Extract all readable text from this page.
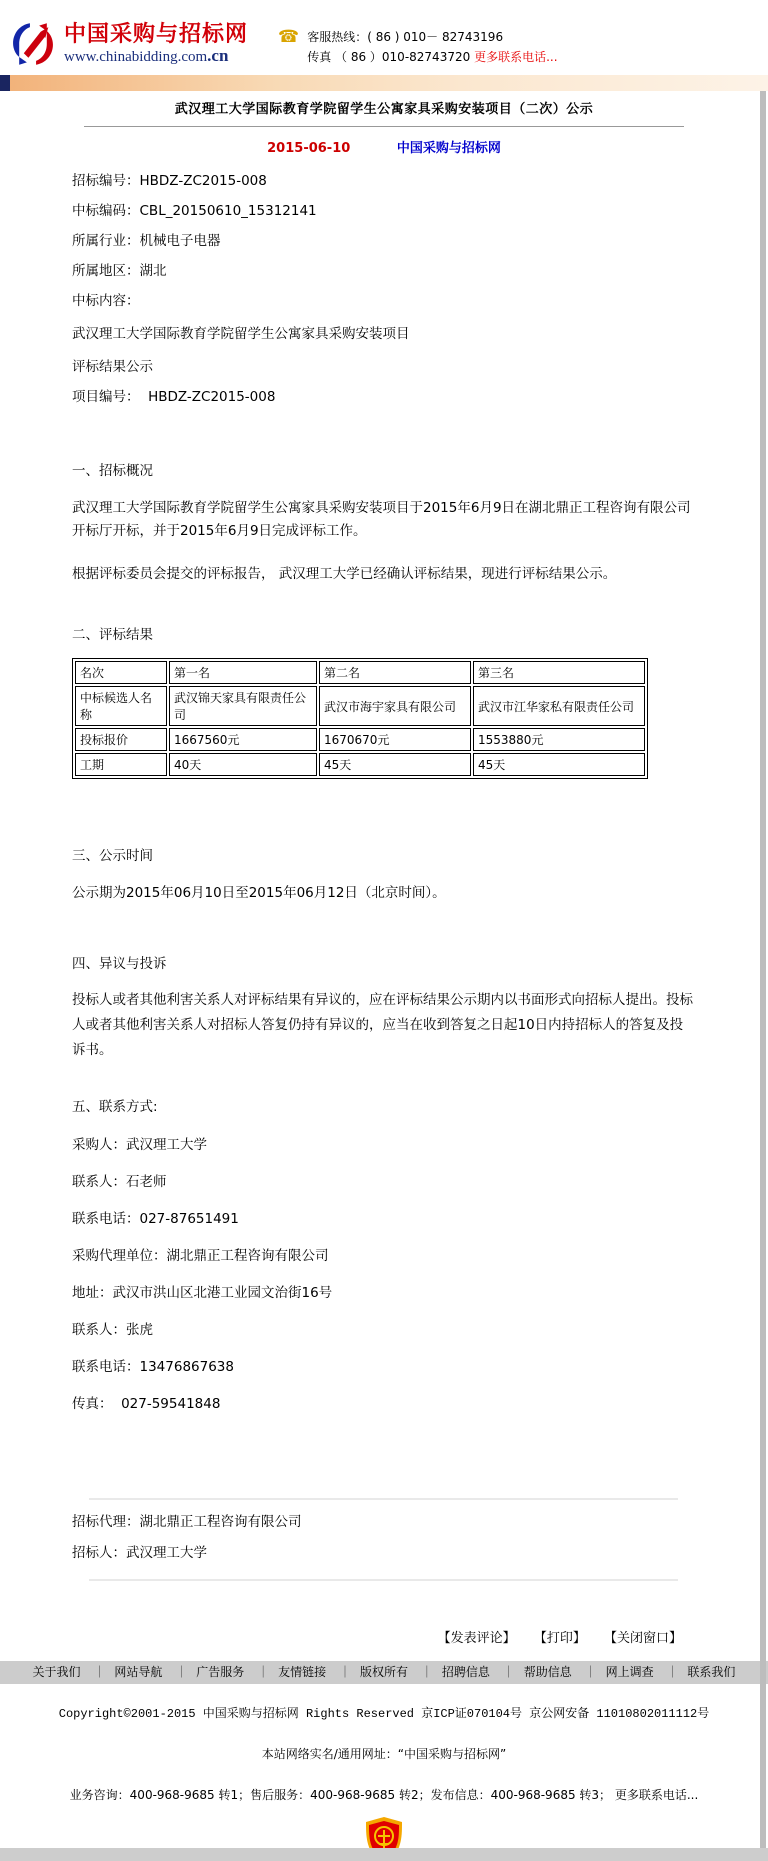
中国采购与招标网
www.chinabidding.com.cn
☎ 客服热线：( 86 ) 010－ 82743196
传真 （ 86 ）010-82743720 更多联系电话...
武汉理工大学国际教育学院留学生公寓家具采购安装项目（二次）公示
2015-06-10	中国采购与招标网

招标编号：HBDZ-ZC2015-008

中标编码：CBL_20150610_15312141

所属行业：机械电子电器

所属地区：湖北

中标内容：

武汉理工大学国际教育学院留学生公寓家具采购安装项目

评标结果公示

项目编号：  HBDZ-ZC2015-008

一、招标概况

武汉理工大学国际教育学院留学生公寓家具采购安装项目于2015年6月9日在湖北鼎正工程咨询有限公司开标厅开标，并于2015年6月9日完成评标工作。

根据评标委员会提交的评标报告， 武汉理工大学已经确认评标结果，现进行评标结果公示。

二、评标结果
名次	第一名	第二名	第三名
中标候选人名称	武汉锦天家具有限责任公司	武汉市海宇家具有限公司	武汉市江华家私有限责任公司
投标报价	1667560元	1670670元	1553880元
工期	40天	45天	45天
三、公示时间

公示期为2015年06月10日至2015年06月12日（北京时间）。

四、异议与投诉

投标人或者其他利害关系人对评标结果有异议的，应在评标结果公示期内以书面形式向招标人提出。投标人或者其他利害关系人对招标人答复仍持有异议的，应当在收到答复之日起10日内持招标人的答复及投诉书。

五、联系方式:

采购人：武汉理工大学

联系人：石老师

联系电话：027-87651491

采购代理单位：湖北鼎正工程咨询有限公司

地址：武汉市洪山区北港工业园文治街16号

联系人：张虎

联系电话：13476867638

传真：  027-59541848

招标代理：湖北鼎正工程咨询有限公司

招标人：武汉理工大学

【发表评论】 【打印】 【关闭窗口】
关于我们	｜ 网站导航	｜ 广告服务	｜ 友情链接	｜ 版权所有	｜ 招聘信息	｜ 帮助信息	｜ 网上调查	｜ 联系我们
Copyright©2001-2015 中国采购与招标网 Rights Reserved 京ICP证070104号 京公网安备 11010802011112号
本站网络实名/通用网址：“中国采购与招标网”
业务咨询：400-968-9685 转1；售后服务：400-968-9685 转2；发布信息：400-968-9685 转3； 更多联系电话...
